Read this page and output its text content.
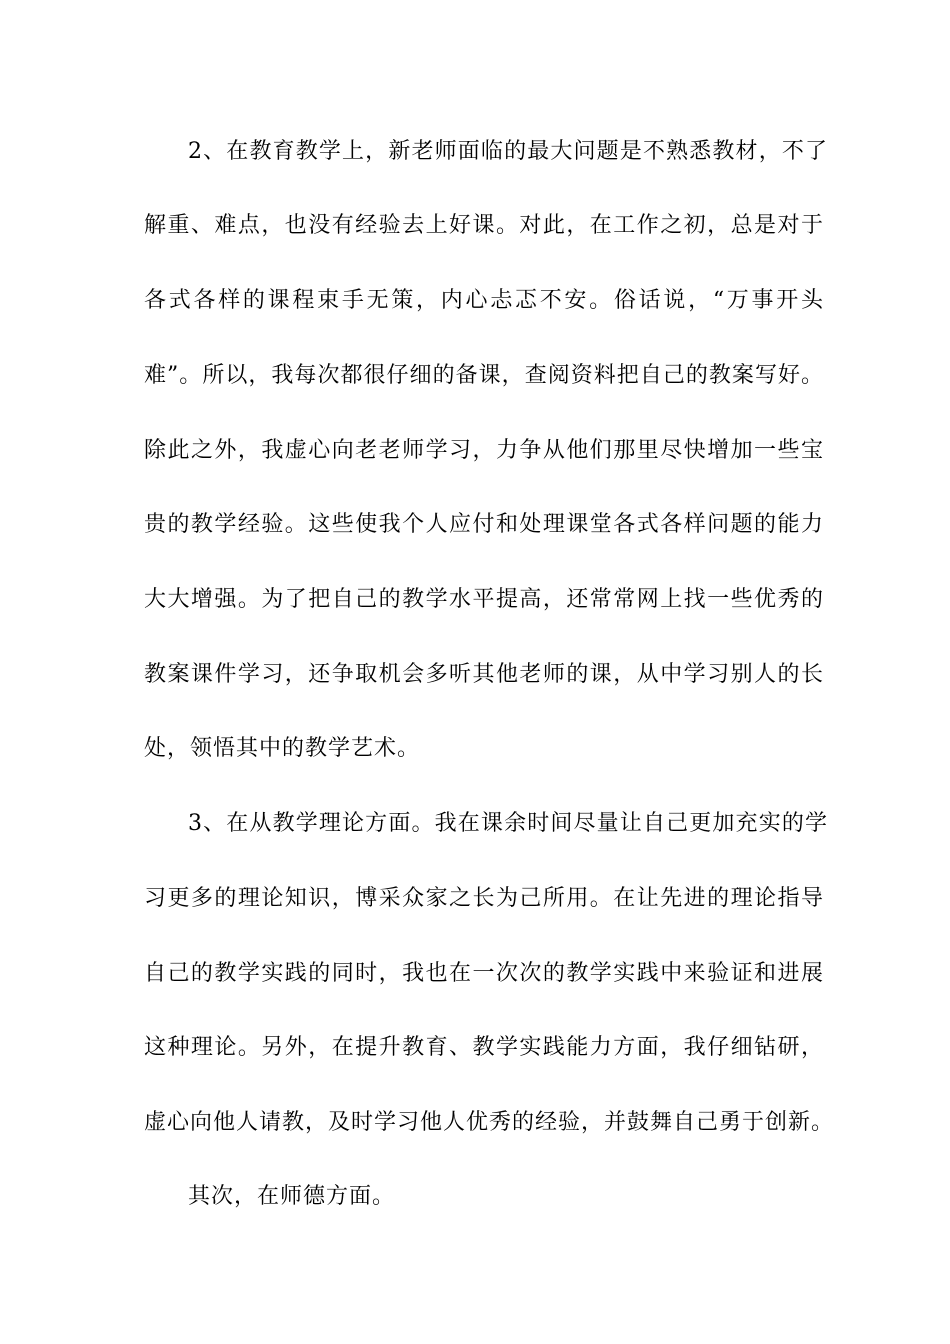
2、在教育教学上，新老师面临的最大问题是不熟悉教材，不了
解重、难点，也没有经验去上好课。对此，在工作之初，总是对于
各式各样的课程束手无策，内心忐忑不安。俗话说，“万事开头
难”。所以，我每次都很仔细的备课，查阅资料把自己的教案写好。
除此之外，我虚心向老老师学习，力争从他们那里尽快增加一些宝
贵的教学经验。这些使我个人应付和处理课堂各式各样问题的能力
大大增强。为了把自己的教学水平提高，还常常网上找一些优秀的
教案课件学习，还争取机会多听其他老师的课，从中学习别人的长
处，领悟其中的教学艺术。
3、在从教学理论方面。我在课余时间尽量让自己更加充实的学
习更多的理论知识，博采众家之长为己所用。在让先进的理论指导
自己的教学实践的同时，我也在一次次的教学实践中来验证和进展
这种理论。另外，在提升教育、教学实践能力方面，我仔细钻研，
虚心向他人请教，及时学习他人优秀的经验，并鼓舞自己勇于创新。
其次，在师德方面。
